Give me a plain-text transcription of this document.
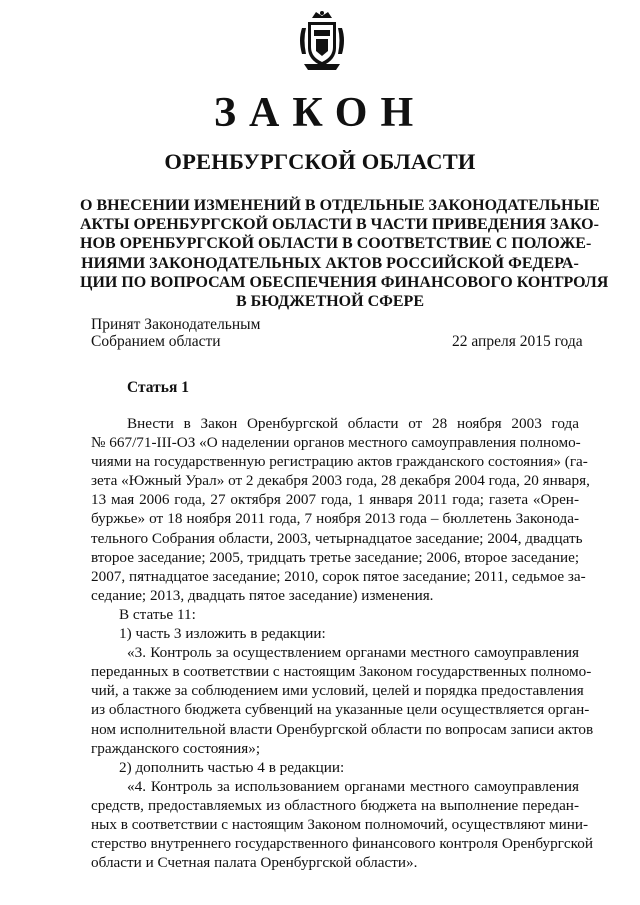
ЗАКОН
ОРЕНБУРГСКОЙ ОБЛАСТИ
О ВНЕСЕНИИ ИЗМЕНЕНИЙ В ОТДЕЛЬНЫЕ ЗАКОНОДАТЕЛЬНЫЕ
АКТЫ ОРЕНБУРГСКОЙ ОБЛАСТИ В ЧАСТИ ПРИВЕДЕНИЯ ЗАКО-
НОВ ОРЕНБУРГСКОЙ ОБЛАСТИ В СООТВЕТСТВИЕ С ПОЛОЖЕ-
НИЯМИ ЗАКОНОДАТЕЛЬНЫХ АКТОВ РОССИЙСКОЙ ФЕДЕРА-
ЦИИ ПО ВОПРОСАМ ОБЕСПЕЧЕНИЯ ФИНАНСОВОГО КОНТРОЛЯ
В БЮДЖЕТНОЙ СФЕРЕ
Принят Законодательным
Собранием области	22 апреля 2015 года
Статья 1
Внести в Закон Оренбургской области от 28 ноября 2003 года
№ 667/71-III-ОЗ «О наделении органов местного самоуправления полномо-
чиями на государственную регистрацию актов гражданского состояния» (га-
зета «Южный Урал» от 2 декабря 2003 года, 28 декабря 2004 года, 20 января,
13 мая 2006 года, 27 октября 2007 года, 1 января 2011 года; газета «Орен-
буржье» от 18 ноября 2011 года, 7 ноября 2013 года – бюллетень Законода-
тельного Собрания области, 2003, четырнадцатое заседание; 2004, двадцать
второе заседание; 2005, тридцать третье заседание; 2006, второе заседание;
2007, пятнадцатое заседание; 2010, сорок пятое заседание; 2011, седьмое за-
седание; 2013, двадцать пятое заседание) изменения.
В статье 11:
1) часть 3 изложить в редакции:
«3. Контроль за осуществлением органами местного самоуправления
переданных в соответствии с настоящим Законом государственных полномо-
чий, а также за соблюдением ими условий, целей и порядка предоставления
из областного бюджета субвенций на указанные цели осуществляется орган-
ном исполнительной власти Оренбургской области по вопросам записи актов
гражданского состояния»;
2) дополнить частью 4 в редакции:
«4. Контроль за использованием органами местного самоуправления
средств, предоставляемых из областного бюджета на выполнение передан-
ных в соответствии с настоящим Законом полномочий, осуществляют мини-
стерство внутреннего государственного финансового контроля Оренбургской
области и Счетная палата Оренбургской области».
